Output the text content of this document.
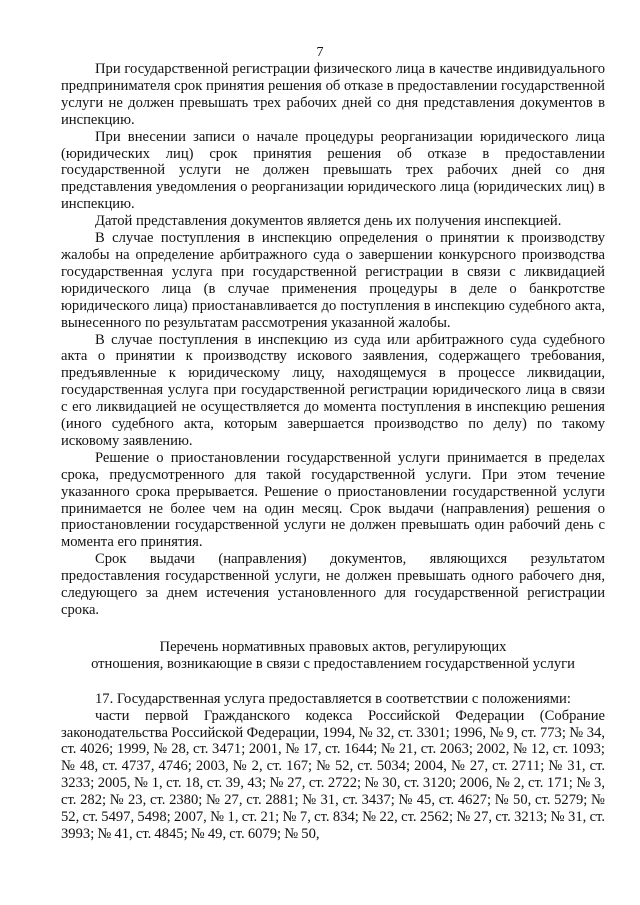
7

При государственной регистрации физического лица в качестве индивидуального предпринимателя срок принятия решения об отказе в предоставлении государственной услуги не должен превышать трех рабочих дней со дня представления документов в инспекцию.

При внесении записи о начале процедуры реорганизации юридического лица (юридических лиц) срок принятия решения об отказе в предоставлении государственной услуги не должен превышать трех рабочих дней со дня представления уведомления о реорганизации юридического лица (юридических лиц) в инспекцию.

Датой представления документов является день их получения инспекцией.

В случае поступления в инспекцию определения о принятии к производству жалобы на определение арбитражного суда о завершении конкурсного производства государственная услуга при государственной регистрации в связи с ликвидацией юридического лица (в случае применения процедуры в деле о банкротстве юридического лица) приостанавливается до поступления в инспекцию судебного акта, вынесенного по результатам рассмотрения указанной жалобы.

В случае поступления в инспекцию из суда или арбитражного суда судебного акта о принятии к производству искового заявления, содержащего требования, предъявленные к юридическому лицу, находящемуся в процессе ликвидации, государственная услуга при государственной регистрации юридического лица в связи с его ликвидацией не осуществляется до момента поступления в инспекцию решения (иного судебного акта, которым завершается производство по делу) по такому исковому заявлению.

Решение о приостановлении государственной услуги принимается в пределах срока, предусмотренного для такой государственной услуги. При этом течение указанного срока прерывается. Решение о приостановлении государственной услуги принимается не более чем на один месяц. Срок выдачи (направления) решения о приостановлении государственной услуги не должен превышать один рабочий день с момента его принятия.

Срок выдачи (направления) документов, являющихся результатом предоставления государственной услуги, не должен превышать одного рабочего дня, следующего за днем истечения установленного для государственной регистрации срока.

Перечень нормативных правовых актов, регулирующих
отношения, возникающие в связи с предоставлением государственной услуги

17. Государственная услуга предоставляется в соответствии с положениями:

части первой Гражданского кодекса Российской Федерации (Собрание законодательства Российской Федерации, 1994, № 32, ст. 3301; 1996, № 9, ст. 773; № 34, ст. 4026; 1999, № 28, ст. 3471; 2001, № 17, ст. 1644; № 21, ст. 2063; 2002, № 12, ст. 1093; № 48, ст. 4737, 4746; 2003, № 2, ст. 167; № 52, ст. 5034; 2004, № 27, ст. 2711; № 31, ст. 3233; 2005, № 1, ст. 18, ст. 39, 43; № 27, ст. 2722; № 30, ст. 3120; 2006, № 2, ст. 171; № 3, ст. 282; № 23, ст. 2380; № 27, ст. 2881; № 31, ст. 3437; № 45, ст. 4627; № 50, ст. 5279; № 52, ст. 5497, 5498; 2007, № 1, ст. 21; № 7, ст. 834; № 22, ст. 2562; № 27, ст. 3213; № 31, ст. 3993; № 41, ст. 4845; № 49, ст. 6079; № 50,
